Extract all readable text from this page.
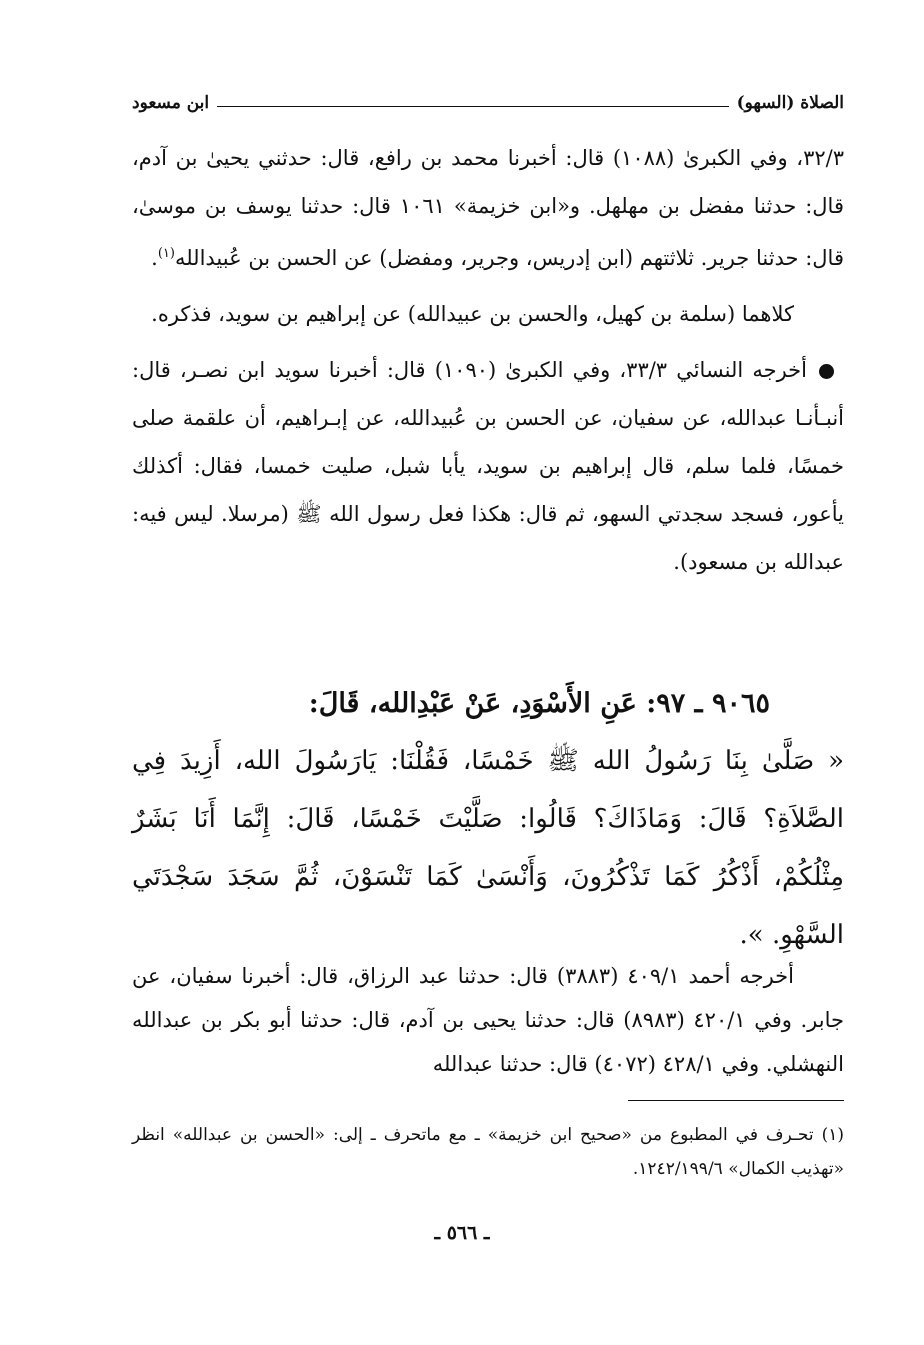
الصلاة (السهو)
ابن مسعود

٣٢/٣، وفي الكبرىٰ (١٠٨٨) قال: أخبرنا محمد بن رافع، قال: حدثني يحيىٰ بن آدم، قال: حدثنا مفضل بن مهلهل. و«ابن خزيمة» ١٠٦١ قال: حدثنا يوسف بن موسىٰ، قال: حدثنا جرير. ثلاثتهم (ابن إدريس، وجرير، ومفضل) عن الحسن بن عُبيدالله$^{(١)}$.

كلاهما (سلمة بن كهيل، والحسن بن عبيدالله) عن إبراهيم بن سويد، فذكره.

أخرجه النسائي ٣٣/٣، وفي الكبرىٰ (١٠٩٠) قال: أخبرنا سويد ابن نصـر، قال: أنبـأنـا عبدالله، عن سفيان، عن الحسن بن عُبيدالله، عن إبـراهيم، أن علقمة صلى خمسًا، فلما سلم، قال إبراهيم بن سويد، يأبا شبل، صليت خمسا، فقال: أكذلك يأعور، فسجد سجدتي السهو، ثم قال: هكذا فعل رسول الله ﷺ (مرسلا. ليس فيه: عبدالله بن مسعود).

٩٠٦٥ ـ ٩٧: عَنِ الأَسْوَدِ، عَنْ عَبْدِالله، قَالَ:
« صَلَّىٰ بِنَا رَسُولُ الله ﷺ خَمْسًا، فَقُلْنَا: يَارَسُولَ الله، أَزِيدَ فِي الصَّلاَةِ؟ قَالَ: وَمَاذَاكَ؟ قَالُوا: صَلَّيْتَ خَمْسًا، قَالَ: إِنَّمَا أَنَا بَشَرٌ مِثْلُكُمْ، أَذْكُرُ كَمَا تَذْكُرُونَ، وَأَنْسَىٰ كَمَا تَنْسَوْنَ، ثُمَّ سَجَدَ سَجْدَتَي السَّهْوِ. ».
أخرجه أحمد ٤٠٩/١ (٣٨٨٣) قال: حدثنا عبد الرزاق، قال: أخبرنا سفيان، عن جابر. وفي ٤٢٠/١ (٨٩٨٣) قال: حدثنا يحيى بن آدم، قال: حدثنا أبو بكر بن عبدالله النهشلي. وفي ٤٢٨/١ (٤٠٧٢) قال: حدثنا عبدالله
(١) تحـرف في المطبوع من «صحيح ابن خزيمة» ـ مع ماتحرف ـ إلى: «الحسن بن عبدالله» انظر «تهذيب الكمال» ١٢٤٢/١٩٩/٦.
ـ ٥٦٦ ـ
